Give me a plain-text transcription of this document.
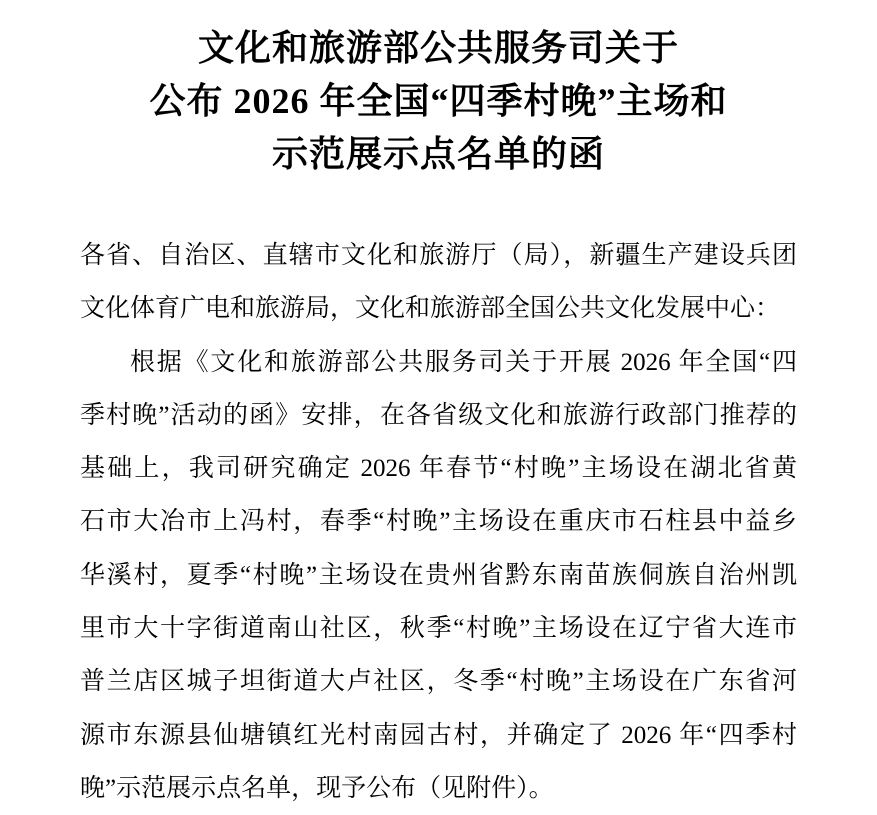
文化和旅游部公共服务司关于
公布 2026 年全国“四季村晚”主场和
示范展示点名单的函
各省、自治区、直辖市文化和旅游厅（局），新疆生产建设兵团
文化体育广电和旅游局，文化和旅游部全国公共文化发展中心：
根据《文化和旅游部公共服务司关于开展 2026 年全国“四
季村晚”活动的函》安排，在各省级文化和旅游行政部门推荐的
基础上，我司研究确定 2026 年春节“村晚”主场设在湖北省黄
石市大冶市上冯村，春季“村晚”主场设在重庆市石柱县中益乡
华溪村，夏季“村晚”主场设在贵州省黔东南苗族侗族自治州凯
里市大十字街道南山社区，秋季“村晚”主场设在辽宁省大连市
普兰店区城子坦街道大卢社区，冬季“村晚”主场设在广东省河
源市东源县仙塘镇红光村南园古村，并确定了 2026 年“四季村
晚”示范展示点名单，现予公布（见附件）。
